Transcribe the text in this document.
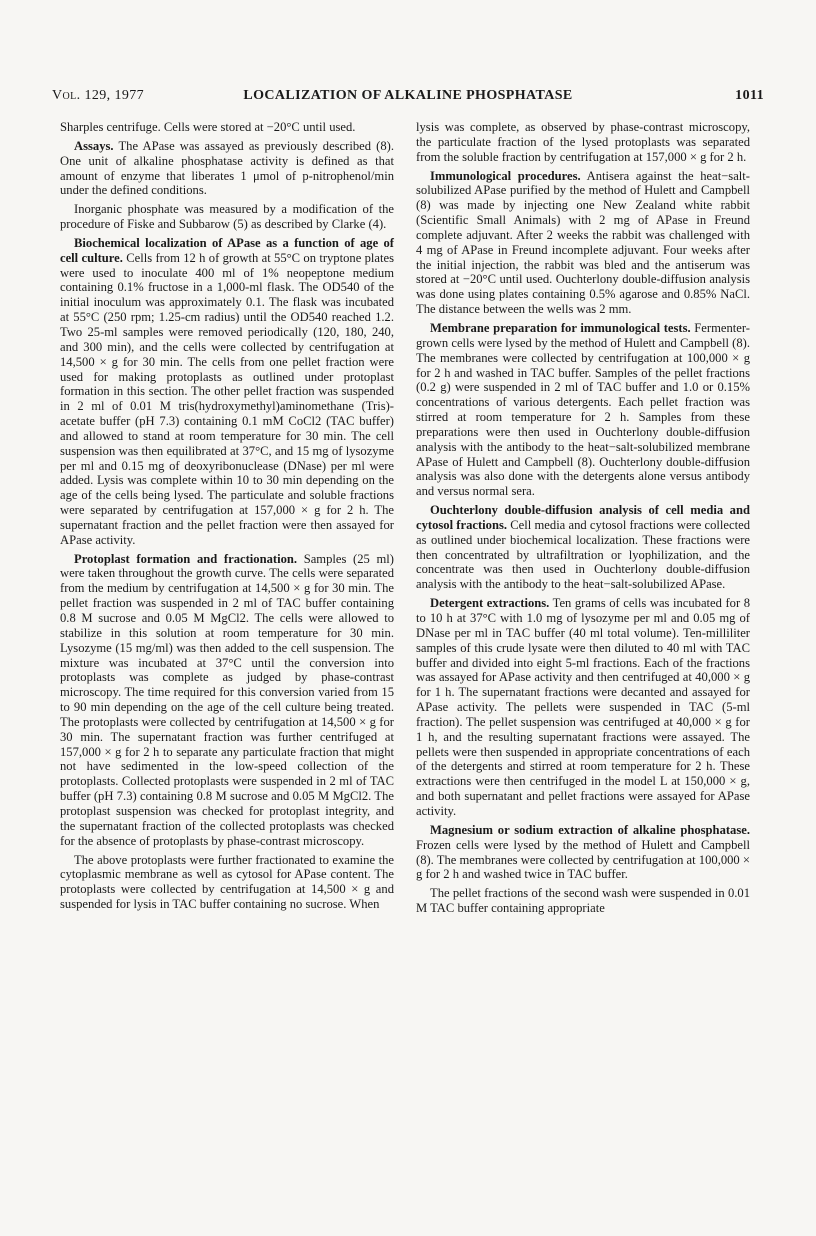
Vol. 129, 1977	LOCALIZATION OF ALKALINE PHOSPHATASE	1011

Sharples centrifuge. Cells were stored at −20°C until used.

Assays. The APase was assayed as previously described (8). One unit of alkaline phosphatase activity is defined as that amount of enzyme that liberates 1 μmol of p-nitrophenol/min under the defined conditions.

Inorganic phosphate was measured by a modification of the procedure of Fiske and Subbarow (5) as described by Clarke (4).

Biochemical localization of APase as a function of age of cell culture. Cells from 12 h of growth at 55°C on tryptone plates were used to inoculate 400 ml of 1% neopeptone medium containing 0.1% fructose in a 1,000-ml flask. The OD540 of the initial inoculum was approximately 0.1. The flask was incubated at 55°C (250 rpm; 1.25-cm radius) until the OD540 reached 1.2. Two 25-ml samples were removed periodically (120, 180, 240, and 300 min), and the cells were collected by centrifugation at 14,500 × g for 30 min. The cells from one pellet fraction were used for making protoplasts as outlined under protoplast formation in this section. The other pellet fraction was suspended in 2 ml of 0.01 M tris(hydroxymethyl)aminomethane (Tris)-acetate buffer (pH 7.3) containing 0.1 mM CoCl2 (TAC buffer) and allowed to stand at room temperature for 30 min. The cell suspension was then equilibrated at 37°C, and 15 mg of lysozyme per ml and 0.15 mg of deoxyribonuclease (DNase) per ml were added. Lysis was complete within 10 to 30 min depending on the age of the cells being lysed. The particulate and soluble fractions were separated by centrifugation at 157,000 × g for 2 h. The supernatant fraction and the pellet fraction were then assayed for APase activity.

Protoplast formation and fractionation. Samples (25 ml) were taken throughout the growth curve. The cells were separated from the medium by centrifugation at 14,500 × g for 30 min. The pellet fraction was suspended in 2 ml of TAC buffer containing 0.8 M sucrose and 0.05 M MgCl2. The cells were allowed to stabilize in this solution at room temperature for 30 min. Lysozyme (15 mg/ml) was then added to the cell suspension. The mixture was incubated at 37°C until the conversion into protoplasts was complete as judged by phase-contrast microscopy. The time required for this conversion varied from 15 to 90 min depending on the age of the cell culture being treated. The protoplasts were collected by centrifugation at 14,500 × g for 30 min. The supernatant fraction was further centrifuged at 157,000 × g for 2 h to separate any particulate fraction that might not have sedimented in the low-speed collection of the protoplasts. Collected protoplasts were suspended in 2 ml of TAC buffer (pH 7.3) containing 0.8 M sucrose and 0.05 M MgCl2. The protoplast suspension was checked for protoplast integrity, and the supernatant fraction of the collected protoplasts was checked for the absence of protoplasts by phase-contrast microscopy.

The above protoplasts were further fractionated to examine the cytoplasmic membrane as well as cytosol for APase content. The protoplasts were collected by centrifugation at 14,500 × g and suspended for lysis in TAC buffer containing no sucrose. When

lysis was complete, as observed by phase-contrast microscopy, the particulate fraction of the lysed protoplasts was separated from the soluble fraction by centrifugation at 157,000 × g for 2 h.

Immunological procedures. Antisera against the heat−salt-solubilized APase purified by the method of Hulett and Campbell (8) was made by injecting one New Zealand white rabbit (Scientific Small Animals) with 2 mg of APase in Freund complete adjuvant. After 2 weeks the rabbit was challenged with 4 mg of APase in Freund incomplete adjuvant. Four weeks after the initial injection, the rabbit was bled and the antiserum was stored at −20°C until used. Ouchterlony double-diffusion analysis was done using plates containing 0.5% agarose and 0.85% NaCl. The distance between the wells was 2 mm.

Membrane preparation for immunological tests. Fermenter-grown cells were lysed by the method of Hulett and Campbell (8). The membranes were collected by centrifugation at 100,000 × g for 2 h and washed in TAC buffer. Samples of the pellet fractions (0.2 g) were suspended in 2 ml of TAC buffer and 1.0 or 0.15% concentrations of various detergents. Each pellet fraction was stirred at room temperature for 2 h. Samples from these preparations were then used in Ouchterlony double-diffusion analysis with the antibody to the heat−salt-solubilized membrane APase of Hulett and Campbell (8). Ouchterlony double-diffusion analysis was also done with the detergents alone versus antibody and versus normal sera.

Ouchterlony double-diffusion analysis of cell media and cytosol fractions. Cell media and cytosol fractions were collected as outlined under biochemical localization. These fractions were then concentrated by ultrafiltration or lyophilization, and the concentrate was then used in Ouchterlony double-diffusion analysis with the antibody to the heat−salt-solubilized APase.

Detergent extractions. Ten grams of cells was incubated for 8 to 10 h at 37°C with 1.0 mg of lysozyme per ml and 0.05 mg of DNase per ml in TAC buffer (40 ml total volume). Ten-milliliter samples of this crude lysate were then diluted to 40 ml with TAC buffer and divided into eight 5-ml fractions. Each of the fractions was assayed for APase activity and then centrifuged at 40,000 × g for 1 h. The supernatant fractions were decanted and assayed for APase activity. The pellets were suspended in TAC (5-ml fraction). The pellet suspension was centrifuged at 40,000 × g for 1 h, and the resulting supernatant fractions were assayed. The pellets were then suspended in appropriate concentrations of each of the detergents and stirred at room temperature for 2 h. These extractions were then centrifuged in the model L at 150,000 × g, and both supernatant and pellet fractions were assayed for APase activity.

Magnesium or sodium extraction of alkaline phosphatase. Frozen cells were lysed by the method of Hulett and Campbell (8). The membranes were collected by centrifugation at 100,000 × g for 2 h and washed twice in TAC buffer.

The pellet fractions of the second wash were suspended in 0.01 M TAC buffer containing appropriate
